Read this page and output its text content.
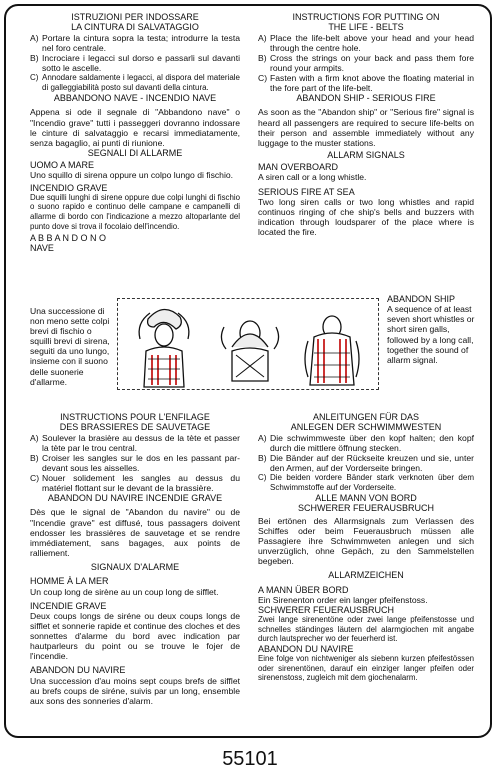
ISTRUZIONI PER INDOSSARE

LA CINTURA DI SALVATAGGIO

A) Portare la cintura sopra la testa; introdurre la testa nel foro centrale.
B) Incrociare i legacci sul dorso e passarli sul davanti sotto le ascelle.
C) Annodare saldamente i legacci, al dispora del materiale di galleggiabilità posto sul davanti della cintura.

ABBANDONO NAVE - INCENDIO NAVE

Appena si ode il segnale di "Abbandono nave" o "Incendio grave" tutti i passeggeri dovranno indossare le cinture di salvataggio e recarsi immediatamente, senza bagaglio, ai punti di riunione.

SEGNALI DI ALLARME

UOMO A MARE

Uno squillo di sirena oppure un colpo lungo di fischio.

INCENDIO GRAVE

Due squilli lunghi di sirene oppure due colpi lunghi di fischio o suono rapido e continuo delle campane e campanelli di allarme di bordo con l'indicazione a mezzo altoparlante del punto dove si trova il focolaio dell'incendio.

A B B A N D O N O

NAVE

Una successione di non meno sette colpi brevi di fischio o squilli brevi di sirena, seguiti da uno lungo, insieme con il suono delle suonerie d'allarme.

INSTRUCTIONS FOR PUTTING ON

THE LIFE - BELTS

A) Place the life-belt above your head and your head through the centre hole.
B) Cross the strings on your back and pass them fore round your armpits.
C) Fasten with a firm knot above the floating material in the fore part of the life-belt.

ABANDON SHIP - SERIOUS FIRE

As soon as the "Abandon ship" or "Serious fire" signal is heard all passengers are required to secure life-belts on their person and assemble immediately without any luggage to the muster stations.

ALLARM SIGNALS

MAN OVERBOARD

A siren call or a long whistle.

SERIOUS FIRE AT SEA

Two long siren calls or two long whistles and rapid continuos ringing of che ship's bells and buzzers with indication through loudsparer of the place where is located the fire.

ABANDON SHIP

A sequence of at least seven short whistles or short siren galls, followed by a long call, together the sound of allarm signal.

INSTRUCTIONS POUR L'ENFILAGE

DES BRASSIERES DE SAUVETAGE

A) Soulever la brasière au dessus de la tète et passer la tète par le trou central.
B) Croiser les sangles sur le dos en les passant par-devant sous les aisselles.
C) Nouer solidement les sangles au dessus du matériel flottant sur le devant de la brassière.

ABANDON DU NAVIRE INCENDIE GRAVE

Dès que le signal de "Abandon du navire" ou de "Incendie grave" est diffusé, tous passagers doivent endosser les brassières de sauvetage et se rendre immédiatement, sans bagages, aux points de ralliement.

SIGNAUX D'ALARME

HOMME À LA MER

Un coup long de sirène au un coup long de sifflet.

INCENDIE GRAVE

Deux coups longs de siréne ou deux coups longs de sifflet et sonnerie rapide et continue des cloches et des sonnettes d'alarme du bord avec indication par hautparleurs du point ou se trouve le fojer de l'incendie.

ABANDON DU NAVIRE

Una succession d'au moins sept coups brefs de sifflet au brefs coups de siréne, suivis par un long, ensemble aux sons des sonneries d'alarm.

ANLEITUNGEN FÜR DAS

ANLEGEN DER SCHWIMMWESTEN

A) Die schwimmweste über den kopf halten; den kopf durch die mittlere öffnung stecken.
B) Die Bänder auf der Rückseite kreuzen und sie, unter den Armen, auf der Vorderseite bringen.
C) Die beiden vordere Bänder stark verknoten über dem Schwimmstoffe auf der Vorderseite.

ALLE MANN VON BORD

SCHWERER FEUERAUSBRUCH

Bei ertönen des Allarmsignals zum Verlassen des Schiffes oder beim Feuerausbruch müssen alle Passagiere ihre Schwimmweten anlegen und sich unverzüglich, ohne Gepäch, zu den Sammelstellen begeben.

ALLARMZEICHEN

A MANN ÜBER BORD

Ein Sirenenton order ein langer pfeifenstoss.

SCHWERER FEUERAUSBRUCH

Zwei lange sirenentöne oder zwei lange pfeifenstosse und schnelles ständinges läutern del alarmgiochen mit angabe durch lautsprecher wo der feuerherd ist.

ABANDON DU NAVIRE

Eine folge von nichtweniger als siebenn kurzen pfeifestössen oder sirenentönen, darauf ein einziger langer pfeifen oder sirenenstoss, zugleich mit dem giochenalarm.

55101
